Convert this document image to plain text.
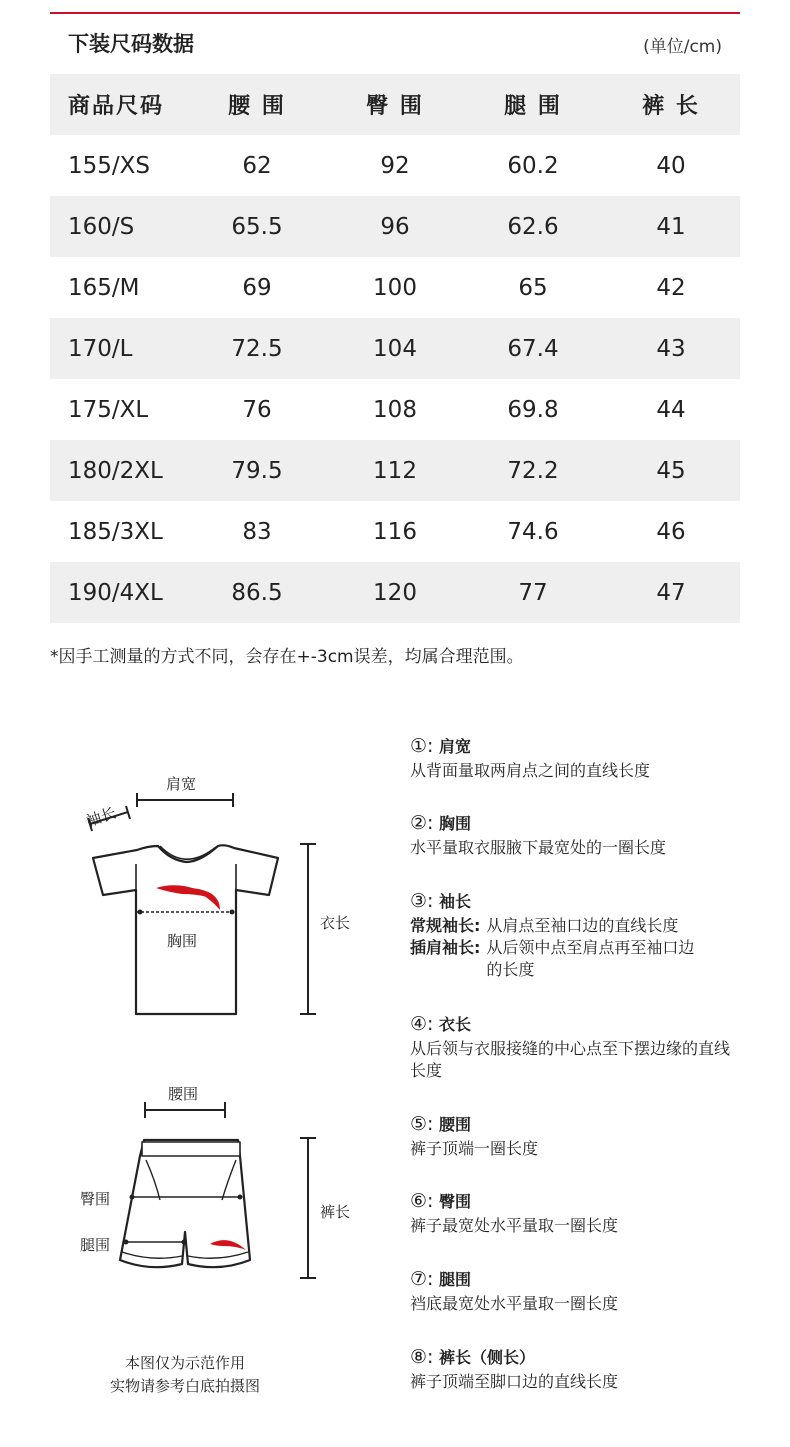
下装尺码数据	(单位/cm)
商品尺码	腰 围	臀 围	腿 围	裤 长
155/XS	62	92	60.2	40
160/S	65.5	96	62.6	41
165/M	69	100	65	42
170/L	72.5	104	67.4	43
175/XL	76	108	69.8	44
180/2XL	79.5	112	72.2	45
185/3XL	83	116	74.6	46
190/4XL	86.5	120	77	47
*因手工测量的方式不同，会存在+-3cm误差，均属合理范围。
肩宽
袖长
胸围
衣长
腰围
臀围
腿围
裤长
本图仅为示范作用
实物请参考白底拍摄图
①: 肩宽
从背面量取两肩点之间的直线长度
②: 胸围
水平量取衣服腋下最宽处的一圈长度
③: 袖长
常规袖长: 从肩点至袖口边的直线长度
插肩袖长: 从后领中点至肩点再至袖口边的长度
④: 衣长
从后领与衣服接缝的中心点至下摆边缘的直线长度
⑤: 腰围
裤子顶端一圈长度
⑥: 臀围
裤子最宽处水平量取一圈长度
⑦: 腿围
裆底最宽处水平量取一圈长度
⑧: 裤长（侧长）
裤子顶端至脚口边的直线长度
